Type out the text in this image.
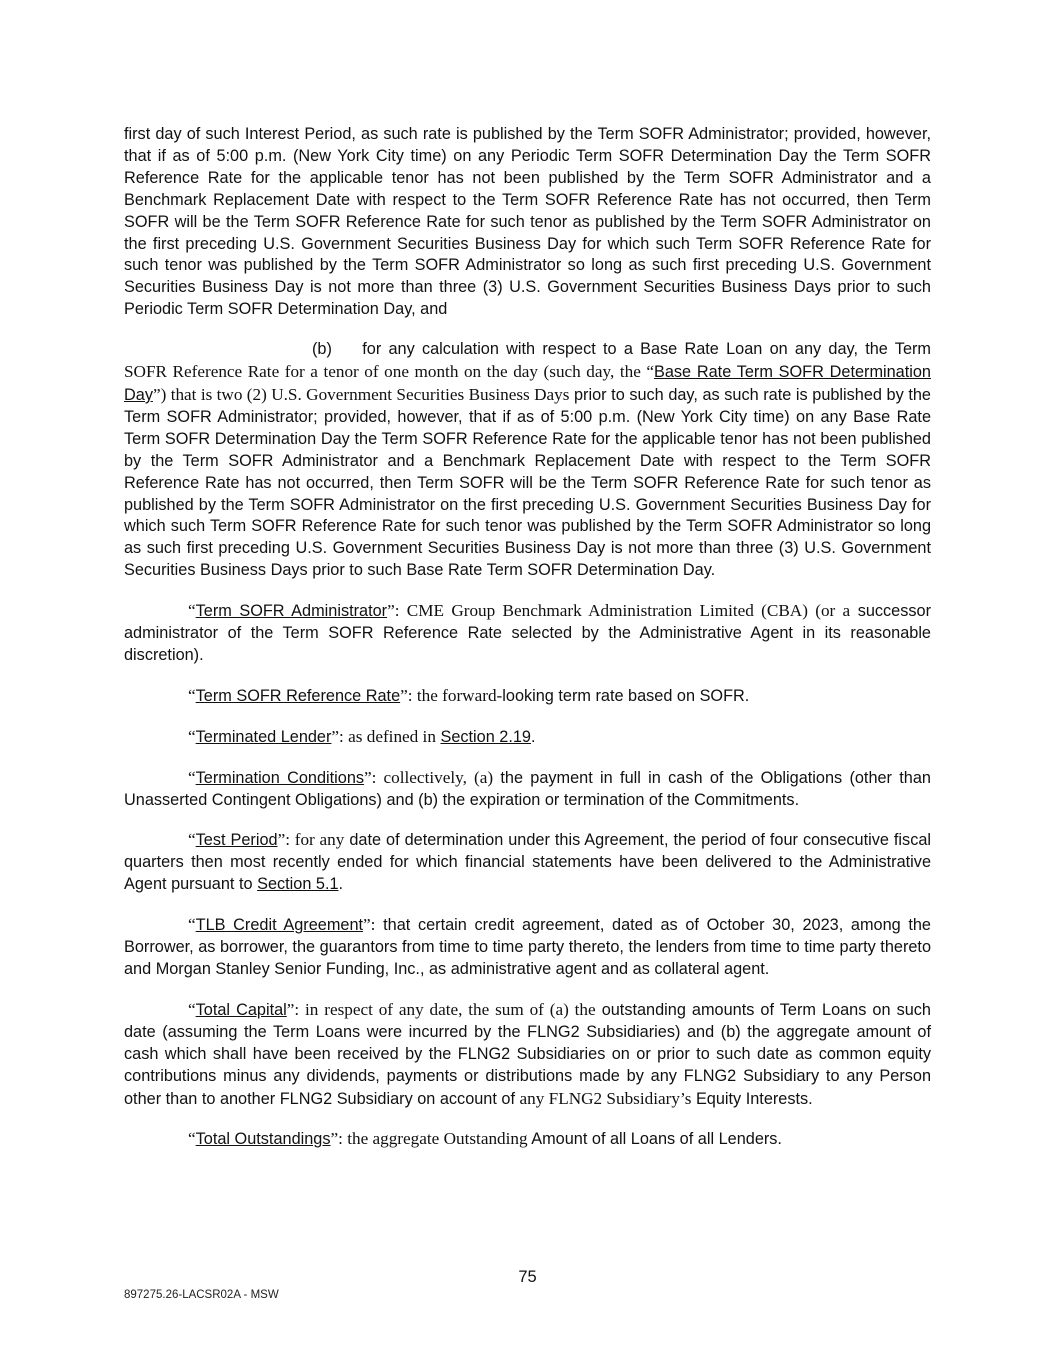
first day of such Interest Period, as such rate is published by the Term SOFR Administrator; provided, however, that if as of 5:00 p.m. (New York City time) on any Periodic Term SOFR Determination Day the Term SOFR Reference Rate for the applicable tenor has not been published by the Term SOFR Administrator and a Benchmark Replacement Date with respect to the Term SOFR Reference Rate has not occurred, then Term SOFR will be the Term SOFR Reference Rate for such tenor as published by the Term SOFR Administrator on the first preceding U.S. Government Securities Business Day for which such Term SOFR Reference Rate for such tenor was published by the Term SOFR Administrator so long as such first preceding U.S. Government Securities Business Day is not more than three (3) U.S. Government Securities Business Days prior to such Periodic Term SOFR Determination Day, and

(b) for any calculation with respect to a Base Rate Loan on any day, the Term SOFR Reference Rate for a tenor of one month on the day (such day, the “Base Rate Term SOFR Determination Day”) that is two (2) U.S. Government Securities Business Days prior to such day, as such rate is published by the Term SOFR Administrator; provided, however, that if as of 5:00 p.m. (New York City time) on any Base Rate Term SOFR Determination Day the Term SOFR Reference Rate for the applicable tenor has not been published by the Term SOFR Administrator and a Benchmark Replacement Date with respect to the Term SOFR Reference Rate has not occurred, then Term SOFR will be the Term SOFR Reference Rate for such tenor as published by the Term SOFR Administrator on the first preceding U.S. Government Securities Business Day for which such Term SOFR Reference Rate for such tenor was published by the Term SOFR Administrator so long as such first preceding U.S. Government Securities Business Day is not more than three (3) U.S. Government Securities Business Days prior to such Base Rate Term SOFR Determination Day.

“Term SOFR Administrator”: CME Group Benchmark Administration Limited (CBA) (or a successor administrator of the Term SOFR Reference Rate selected by the Administrative Agent in its reasonable discretion).

“Term SOFR Reference Rate”: the forward-looking term rate based on SOFR.

“Terminated Lender”: as defined in Section 2.19.

“Termination Conditions”: collectively, (a) the payment in full in cash of the Obligations (other than Unasserted Contingent Obligations) and (b) the expiration or termination of the Commitments.

“Test Period”: for any date of determination under this Agreement, the period of four consecutive fiscal quarters then most recently ended for which financial statements have been delivered to the Administrative Agent pursuant to Section 5.1.

“TLB Credit Agreement”: that certain credit agreement, dated as of October 30, 2023, among the Borrower, as borrower, the guarantors from time to time party thereto, the lenders from time to time party thereto and Morgan Stanley Senior Funding, Inc., as administrative agent and as collateral agent.

“Total Capital”: in respect of any date, the sum of (a) the outstanding amounts of Term Loans on such date (assuming the Term Loans were incurred by the FLNG2 Subsidiaries) and (b) the aggregate amount of cash which shall have been received by the FLNG2 Subsidiaries on or prior to such date as common equity contributions minus any dividends, payments or distributions made by any FLNG2 Subsidiary to any Person other than to another FLNG2 Subsidiary on account of any FLNG2 Subsidiary’s Equity Interests.

“Total Outstandings”: the aggregate Outstanding Amount of all Loans of all Lenders.

75
897275.26-LACSR02A - MSW
